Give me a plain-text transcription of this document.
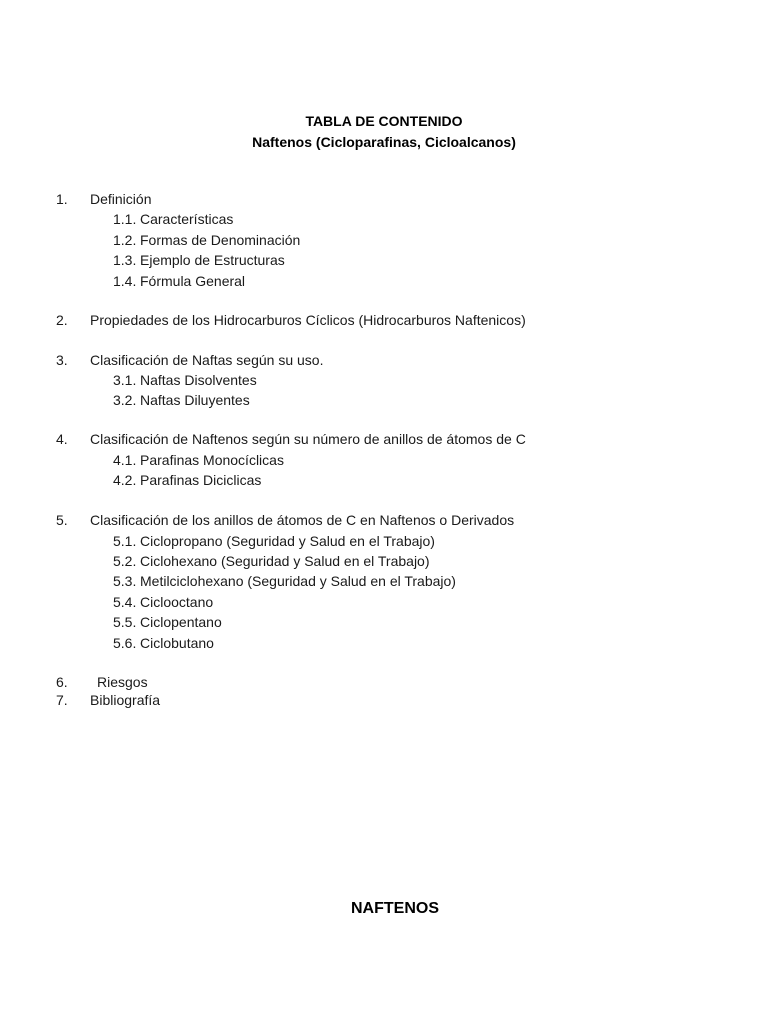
TABLA DE CONTENIDO
Naftenos (Cicloparafinas, Cicloalcanos)
1. Definición
1.1. Características
1.2. Formas de Denominación
1.3. Ejemplo de Estructuras
1.4. Fórmula General
2. Propiedades de los Hidrocarburos Cíclicos (Hidrocarburos Naftenicos)
3. Clasificación de Naftas según su uso.
3.1. Naftas Disolventes
3.2. Naftas Diluyentes
4. Clasificación de Naftenos según su número de anillos de átomos de C
4.1. Parafinas Monocíclicas
4.2. Parafinas Diciclicas
5. Clasificación de los anillos de átomos de C en Naftenos o Derivados
5.1. Ciclopropano (Seguridad y Salud en el Trabajo)
5.2. Ciclohexano (Seguridad y Salud en el Trabajo)
5.3. Metilciclohexano (Seguridad y Salud en el Trabajo)
5.4. Ciclooctano
5.5. Ciclopentano
5.6. Ciclobutano
6. Riesgos
7. Bibliografía
NAFTENOS
